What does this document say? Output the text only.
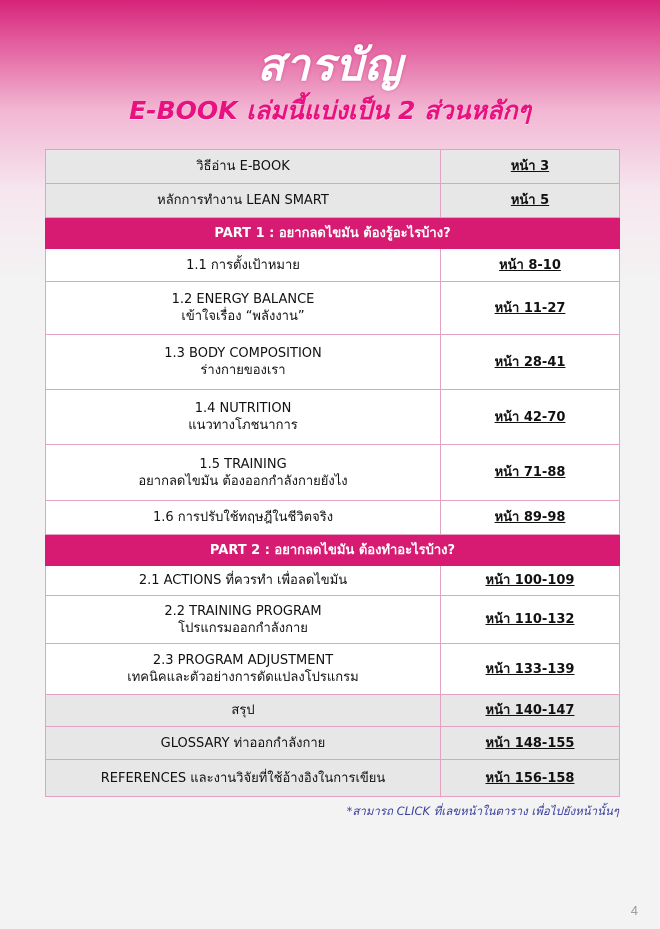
สารบัญ
E-BOOK เล่มนี้แบ่งเป็น 2 ส่วนหลักๆ
วิธีอ่าน E-BOOK	หน้า 3
หลักการทำงาน LEAN SMART	หน้า 5
PART 1 : อยากลดไขมัน ต้องรู้อะไรบ้าง?	
1.1 การตั้งเป้าหมาย	หน้า 8-10

1.2 ENERGY BALANCE
เข้าใจเรื่อง “พลังงาน”	หน้า 11-27

1.3 BODY COMPOSITION
ร่างกายของเรา	หน้า 28-41

1.4 NUTRITION
แนวทางโภชนาการ	หน้า 42-70

1.5 TRAINING
อยากลดไขมัน ต้องออกกำลังกายยังไง	หน้า 71-88
1.6 การปรับใช้ทฤษฎีในชีวิตจริง	หน้า 89-98
PART 2 : อยากลดไขมัน ต้องทำอะไรบ้าง?	
2.1 ACTIONS ที่ควรทำ เพื่อลดไขมัน	หน้า 100-109

2.2 TRAINING PROGRAM
โปรแกรมออกกำลังกาย	หน้า 110-132

2.3 PROGRAM ADJUSTMENT
เทคนิคและตัวอย่างการดัดแปลงโปรแกรม	หน้า 133-139
สรุป	หน้า 140-147
GLOSSARY ท่าออกกำลังกาย	หน้า 148-155
REFERENCES และงานวิจัยที่ใช้อ้างอิงในการเขียน	หน้า 156-158
*สามารถ CLICK ที่เลขหน้าในตาราง เพื่อไปยังหน้านั้นๆ
4
